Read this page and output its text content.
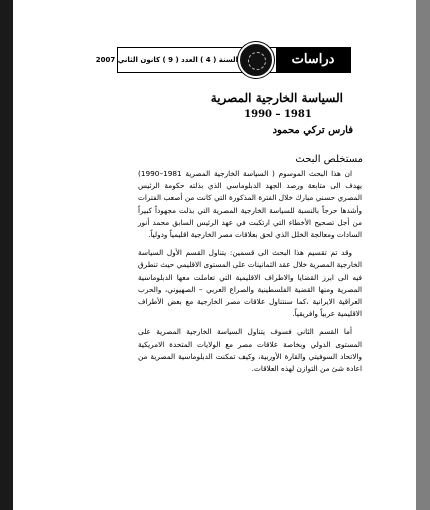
السنة ( 4 ) العدد ( 9 ) كانون الثاني 2007	دراسات إقليمية
السياسة الخارجية المصرية
1990 – 1981
فارس تركي محمود
مستخلص البحث

ان هذا البحث الموسوم ( السياسة الخارجية المصرية 1981–1990) يهدف الى متابعة ورصد الجهد الدبلوماسي الذي بذلته حكومة الرئيس المصري حسني مبارك خلال الفترة المذكورة التي كانت من أصعب الفترات وأشدها حرجاً بالنسبة للسياسة الخارجية المصرية التي بذلت مجهوداً كبيراً من أجل تصحيح الأخطاء التي ارتكبت في عهد الرئيس السابق محمد أنور السادات ومعالجة الخلل الذي لحق بعلاقات مصر الخارجية اقليمياً ودولياً.

وقد تم تقسيم هذا البحث الى قسمين: يتناول القسم الأول السياسة الخارجية المصرية خلال عقد الثمانينات على المستوى الاقليمي حيث تنطرق فيه الى ابرز القضايا والاطراف الاقليمية التي تعاملت معها الدبلوماسية المصرية ومنها القضية الفلسطينية والصراع العربي – الصهيوني، والحرب العراقية الايرانية ،كما سنتناول علاقات مصر الخارجية مع بعض الأطراف الاقليمية عربياً وافريقياً.

أما القسم الثاني فسوف يتناول السياسة الخارجية المصرية على المستوى الدولي وبخاصة علاقات مصر مع الولايات المتحدة الامريكية والاتحاد السوفيتي والقارة الأوربية، وكيف تمكنت الدبلوماسية المصرية من اعادة شئ من التوازن لهذه العلاقات.
